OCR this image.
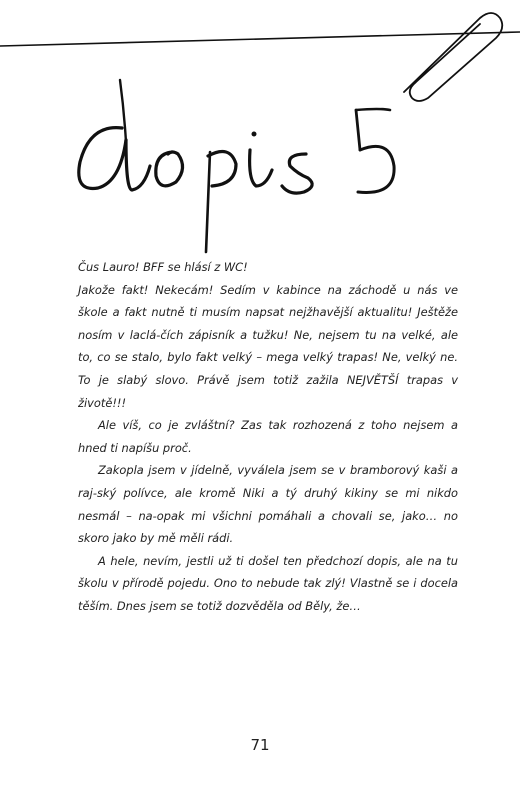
Čus Lauro! BFF se hlásí z WC!

Jakože fakt! Nekecám! Sedím v kabince na záchodě u nás ve škole a fakt nutně ti musím napsat nejžhavější aktualitu! Ještěže nosím v laclá-čích zápisník a tužku! Ne, nejsem tu na velké, ale to, co se stalo, bylo fakt velký – mega velký trapas! Ne, velký ne. To je slabý slovo. Právě jsem totiž zažila NEJVĚTŠÍ trapas v životě!!!

Ale víš, co je zvláštní? Zas tak rozhozená z toho nejsem a hned ti napíšu proč.

Zakopla jsem v jídelně, vyválela jsem se v bramborový kaši a raj-ský polívce, ale kromě Niki a tý druhý kikiny se mi nikdo nesmál – na-opak mi všichni pomáhali a chovali se, jako… no skoro jako by mě měli rádi.

A hele, nevím, jestli už ti došel ten předchozí dopis, ale na tu školu v přírodě pojedu. Ono to nebude tak zlý! Vlastně se i docela těším. Dnes jsem se totiž dozvěděla od Běly, že…

71
